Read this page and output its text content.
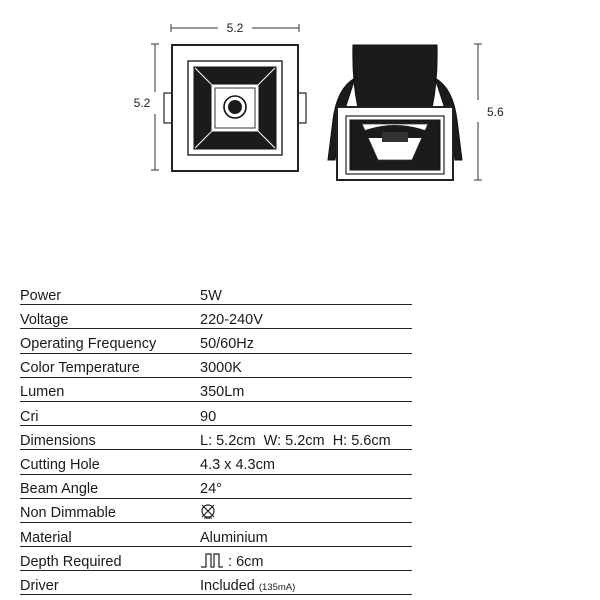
5.2
5.2
5.6
Power	5W
Voltage	220-240V
Operating Frequency	50/60Hz
Color Temperature	3000K
Lumen	350Lm
Cri	90
Dimensions	L: 5.2cm  W: 5.2cm  H: 5.6cm
Cutting Hole	4.3 x 4.3cm
Beam Angle	24°
Non Dimmable	
Material	Aluminium
Depth Required	: 6cm
Driver	Included (135mA)
